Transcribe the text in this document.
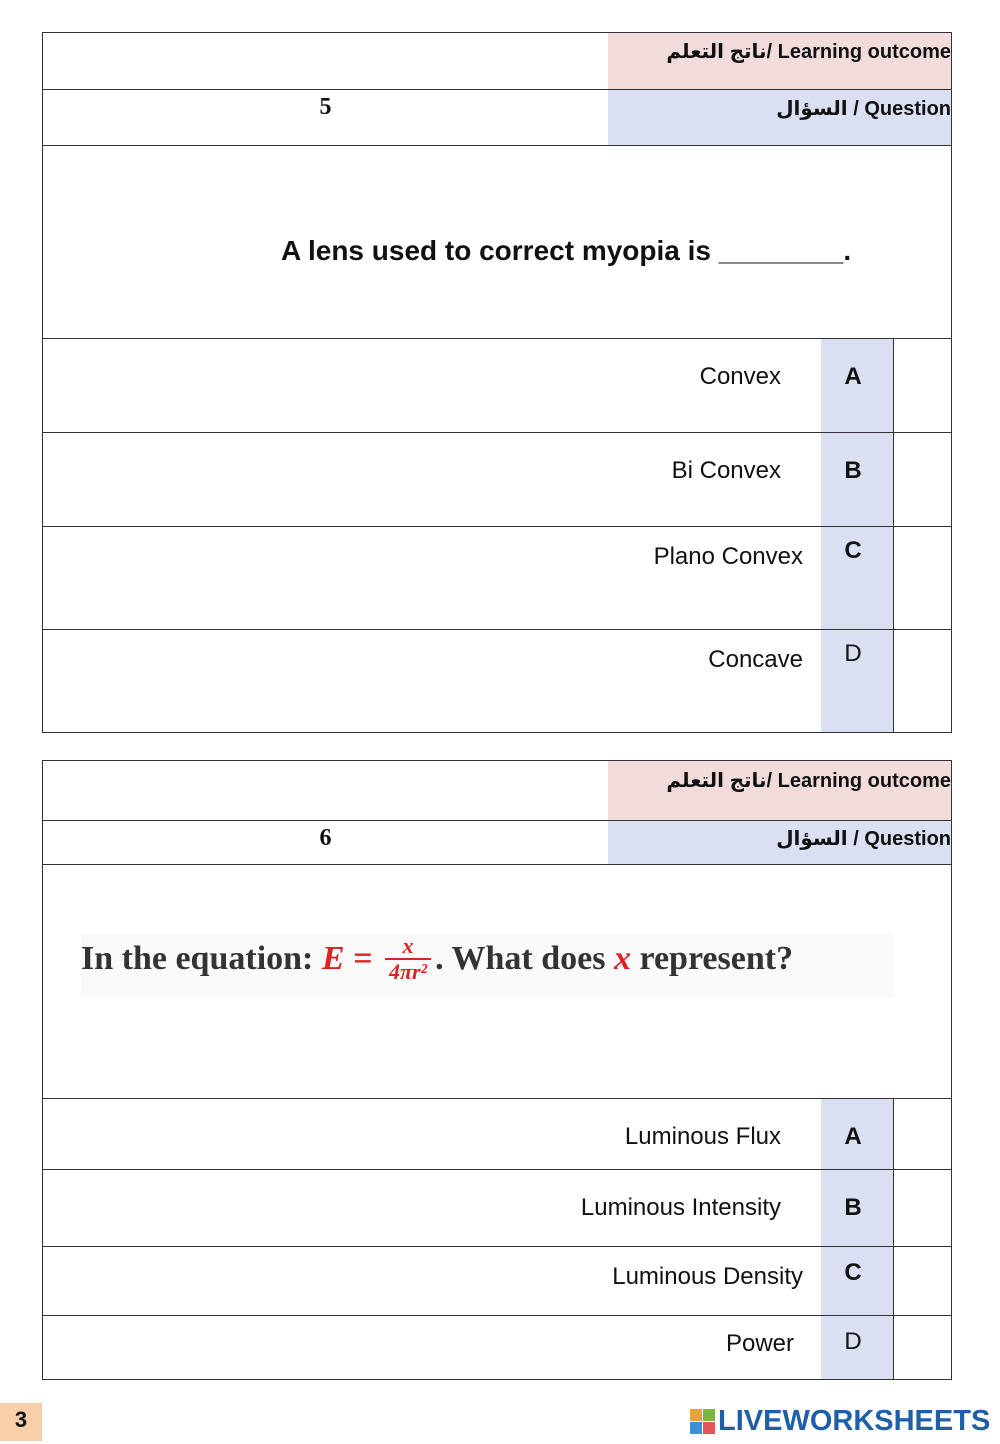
ناتج التعلم/ Learning outcome
5	السؤال / Question
A lens used to correct myopia is ________.
Convex	A
Bi Convex	B
Plano Convex	C
Concave	D
ناتج التعلم/ Learning outcome
6	السؤال / Question
In the equation: $E = \frac{x}{\text{4πr²}}$ . What does x represent?
Luminous Flux	A
Luminous Intensity	B
Luminous Density	C
Power	D
3	LIVEWORKSHEETS
